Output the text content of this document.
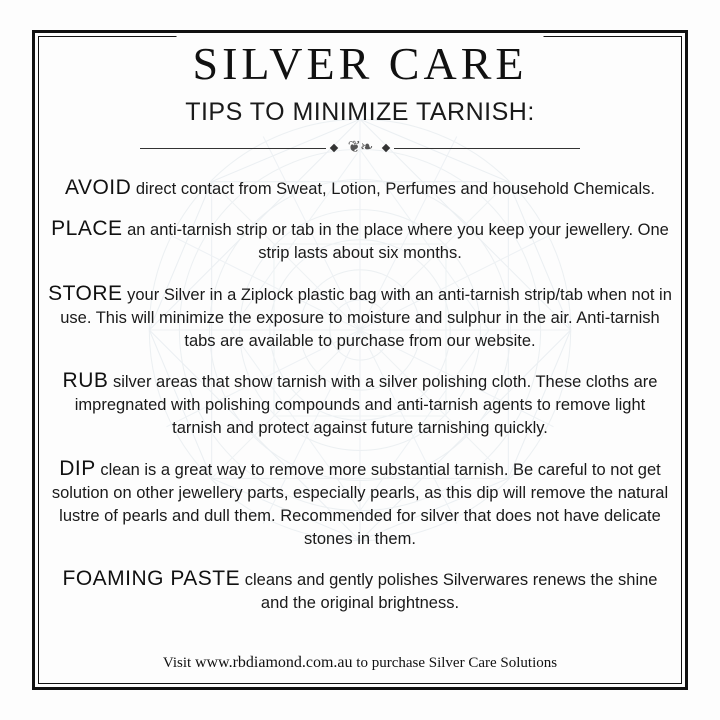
SILVER CARE
TIPS TO MINIMIZE TARNISH:
❦❧

AVOID direct contact from Sweat, Lotion, Perfumes and household Chemicals.

PLACE an anti-tarnish strip or tab in the place where you keep your jewellery. One strip lasts about six months.

STORE your Silver in a Ziplock plastic bag with an anti-tarnish strip/tab when not in use. This will minimize the exposure to moisture and sulphur in the air. Anti-tarnish tabs are available to purchase from our website.

RUB silver areas that show tarnish with a silver polishing cloth. These cloths are impregnated with polishing compounds and anti-tarnish agents to remove light tarnish and protect against future tarnishing quickly.

DIP clean is a great way to remove more substantial tarnish. Be careful to not get solution on other jewellery parts, especially pearls, as this dip will remove the natural lustre of pearls and dull them. Recommended for silver that does not have delicate stones in them.

FOAMING PASTE cleans and gently polishes Silverwares renews the shine and the original brightness.

Visit www.rbdiamond.com.au to purchase Silver Care Solutions
